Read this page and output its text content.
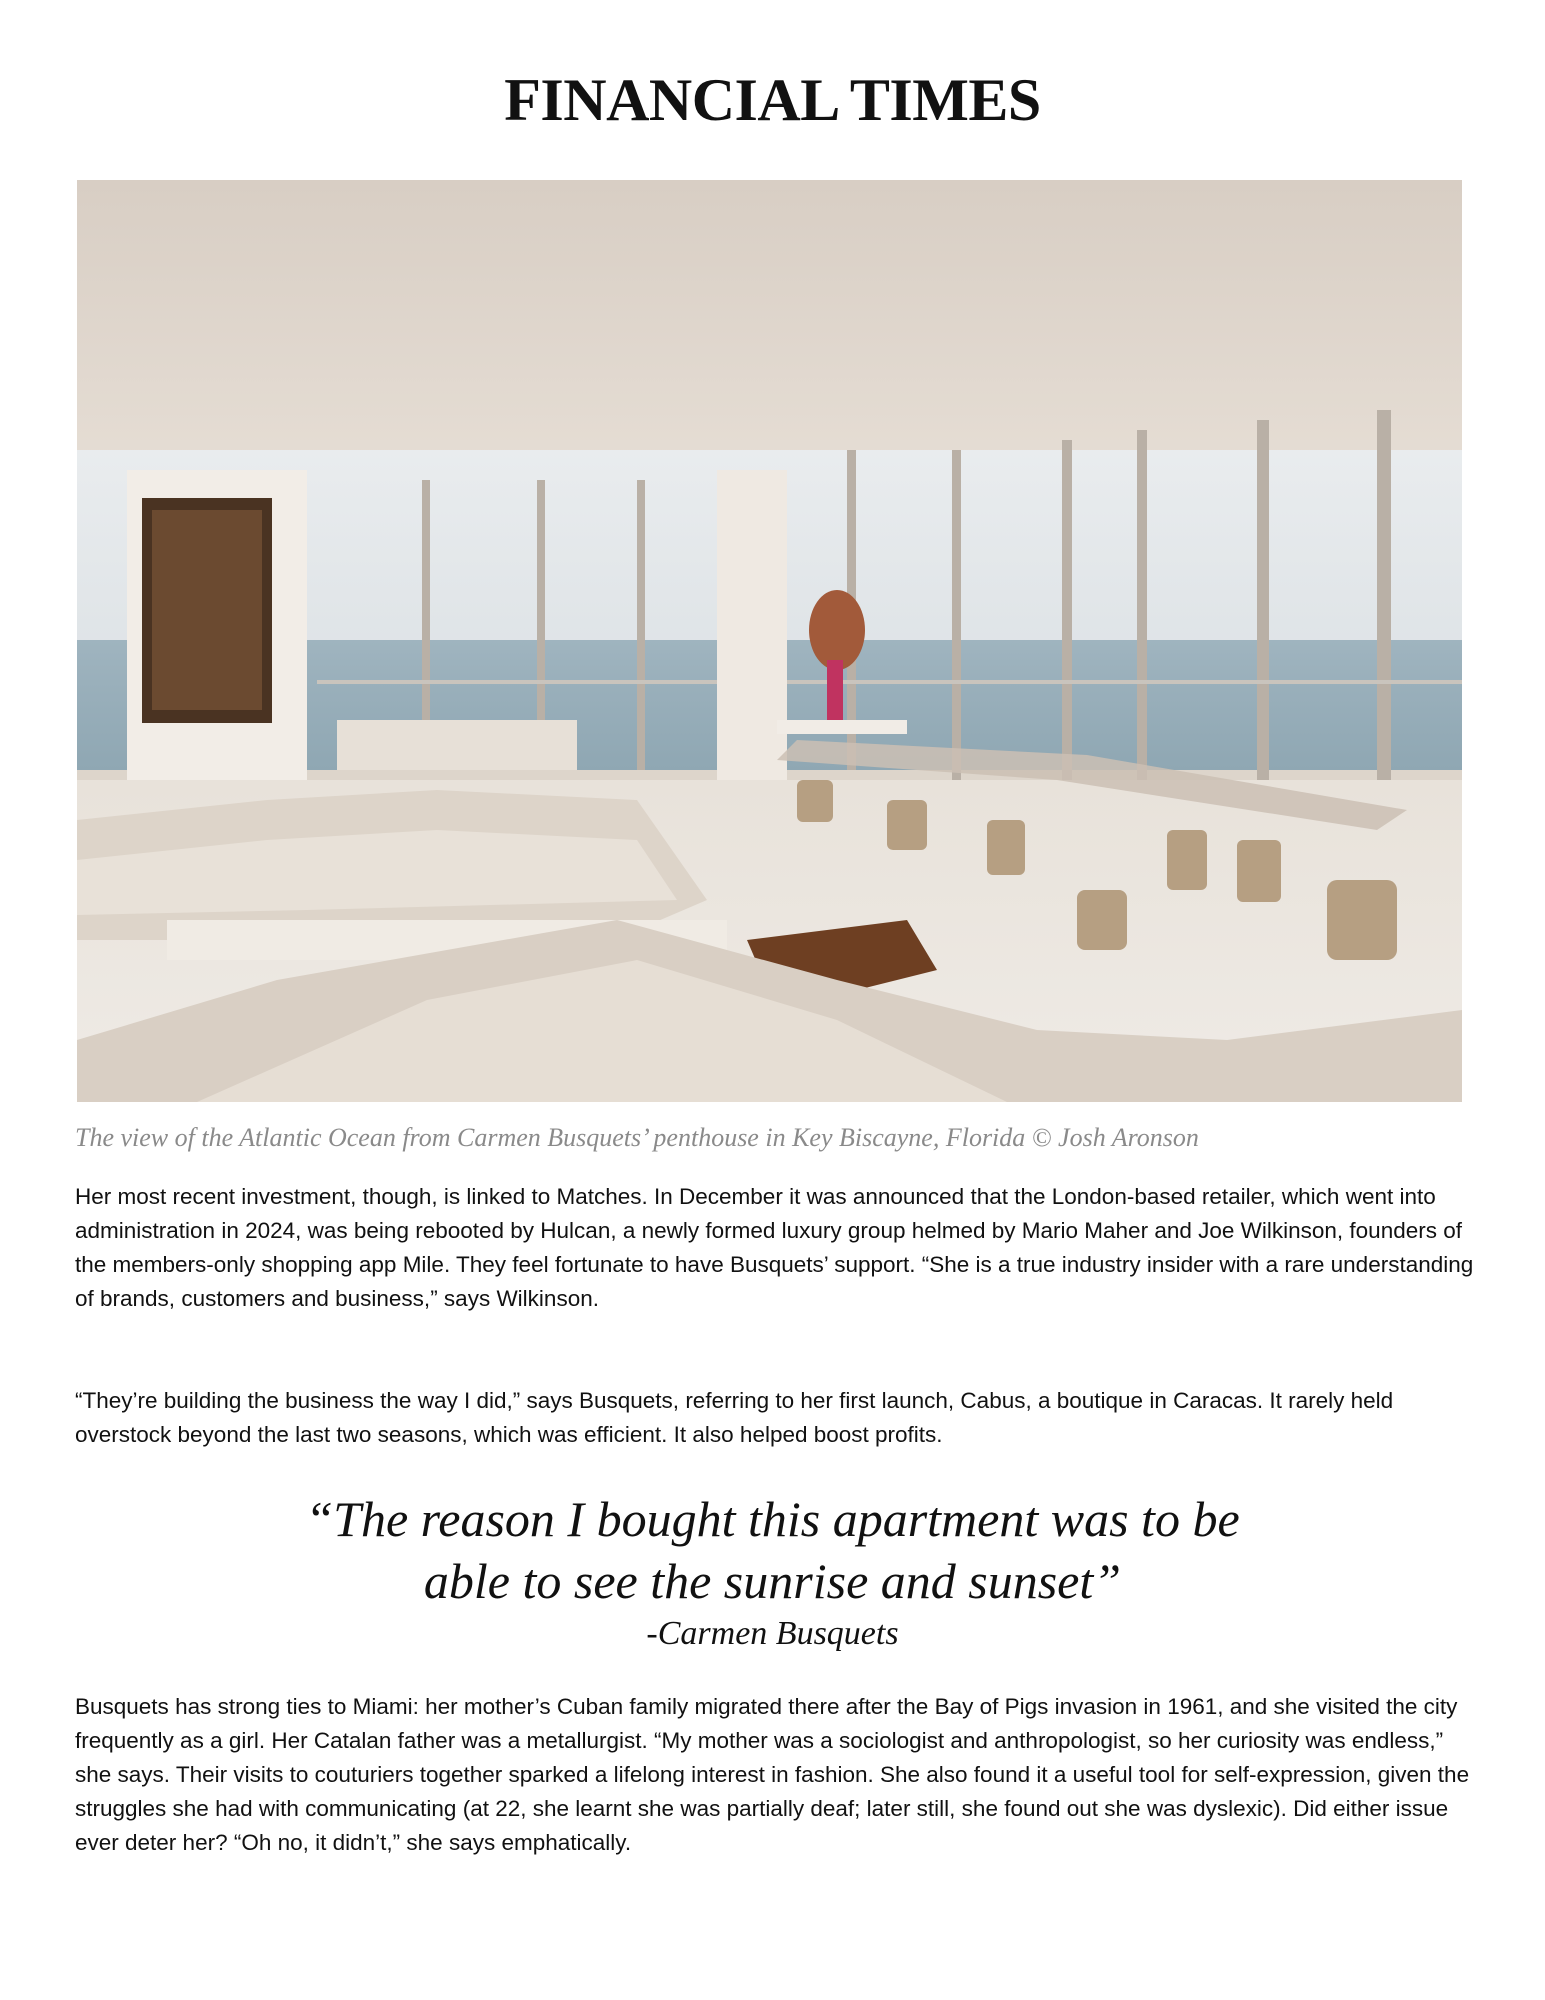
FINANCIAL TIMES
The view of the Atlantic Ocean from Carmen Busquets’ penthouse in Key Biscayne, Florida © Josh Aronson

Her most recent investment, though, is linked to Matches. In December it was announced that the London-based retailer, which went into administration in 2024, was being rebooted by Hulcan, a newly formed luxury group helmed by Mario Maher and Joe Wilkinson, founders of the members-only shopping app Mile. They feel fortunate to have Busquets’ support. “She is a true industry insider with a rare understanding of brands, customers and business,” says Wilkinson.

“They’re building the business the way I did,” says Busquets, referring to her first launch, Cabus, a boutique in Caracas. It rarely held overstock beyond the last two seasons, which was efficient. It also helped boost profits.

“The reason I bought this apartment was to be
able to see the sunrise and sunset”
-Carmen Busquets

Busquets has strong ties to Miami: her mother’s Cuban family migrated there after the Bay of Pigs invasion in 1961, and she visited the city frequently as a girl. Her Catalan father was a metallurgist. “My mother was a sociologist and anthropologist, so her curiosity was endless,” she says. Their visits to couturiers together sparked a lifelong interest in fashion. She also found it a useful tool for self-expression, given the struggles she had with communicating (at 22, she learnt she was partially deaf; later still, she found out she was dyslexic). Did either issue ever deter her? “Oh no, it didn’t,” she says emphatically.
